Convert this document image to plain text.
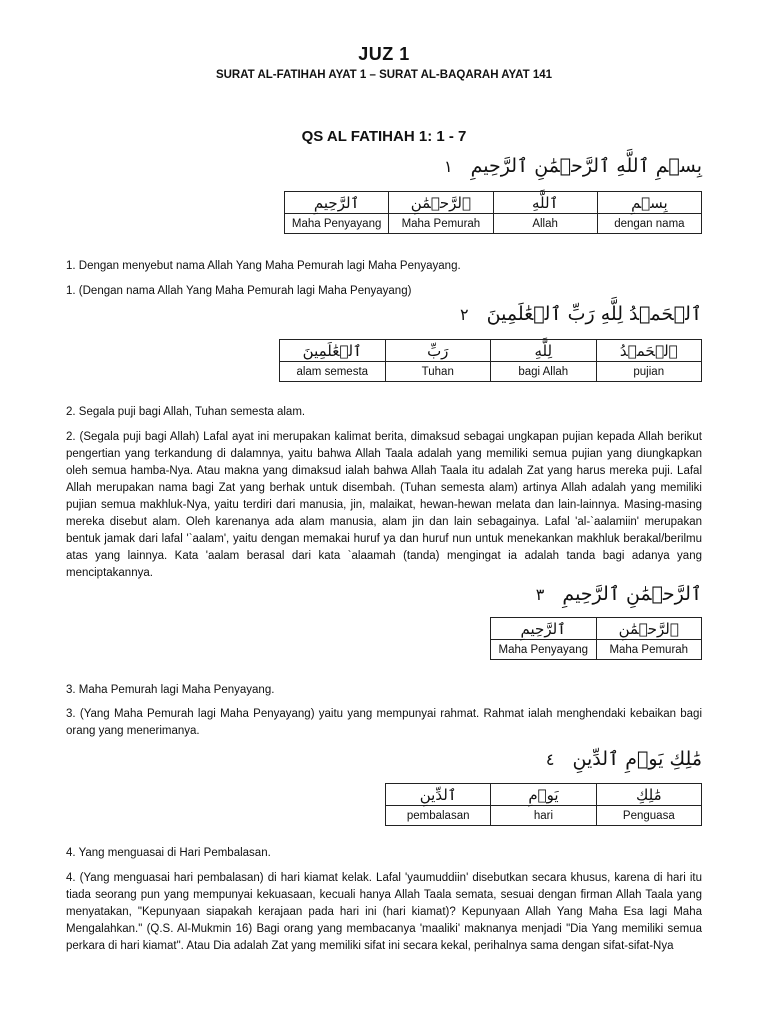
JUZ 1
SURAT AL-FATIHAH AYAT 1 – SURAT AL-BAQARAH AYAT 141
QS AL FATIHAH 1: 1 - 7
بِسۡمِ ٱللَّهِ ٱلرَّحۡمَٰنِ ٱلرَّحِيمِ ١
ٱلرَّحِيمِ	ٱلرَّحۡمَٰنِ	ٱللَّهِ	بِسۡمِ
Maha Penyayang	Maha Pemurah	Allah	dengan nama
1. Dengan menyebut nama Allah Yang Maha Pemurah lagi Maha Penyayang.
1. (Dengan nama Allah Yang Maha Pemurah lagi Maha Penyayang)
ٱلۡحَمۡدُ لِلَّهِ رَبِّ ٱلۡعَٰلَمِينَ ٢
ٱلۡعَٰلَمِينَ	رَبِّ	لِلَّهِ	ٱلۡحَمۡدُ
alam semesta	Tuhan	bagi Allah	pujian
2. Segala puji bagi Allah, Tuhan semesta alam.
2. (Segala puji bagi Allah) Lafal ayat ini merupakan kalimat berita, dimaksud sebagai ungkapan pujian kepada Allah berikut pengertian yang terkandung di dalamnya, yaitu bahwa Allah Taala adalah yang memiliki semua pujian yang diungkapkan oleh semua hamba-Nya. Atau makna yang dimaksud ialah bahwa Allah Taala itu adalah Zat yang harus mereka puji. Lafal Allah merupakan nama bagi Zat yang berhak untuk disembah. (Tuhan semesta alam) artinya Allah adalah yang memiliki pujian semua makhluk-Nya, yaitu terdiri dari manusia, jin, malaikat, hewan-hewan melata dan lain-lainnya. Masing-masing mereka disebut alam. Oleh karenanya ada alam manusia, alam jin dan lain sebagainya. Lafal 'al-`aalamiin' merupakan bentuk jamak dari lafal '`aalam', yaitu dengan memakai huruf ya dan huruf nun untuk menekankan makhluk berakal/berilmu atas yang lainnya. Kata 'aalam berasal dari kata `alaamah (tanda) mengingat ia adalah tanda bagi adanya yang menciptakannya.
ٱلرَّحۡمَٰنِ ٱلرَّحِيمِ ٣
ٱلرَّحِيمِ	ٱلرَّحۡمَٰنِ
Maha Penyayang	Maha Pemurah
3. Maha Pemurah lagi Maha Penyayang.
3. (Yang Maha Pemurah lagi Maha Penyayang) yaitu yang mempunyai rahmat. Rahmat ialah menghendaki kebaikan bagi orang yang menerimanya.
مَٰلِكِ يَوۡمِ ٱلدِّينِ ٤
ٱلدِّينِ	يَوۡمِ	مَٰلِكِ
pembalasan	hari	Penguasa
4. Yang menguasai di Hari Pembalasan.
4. (Yang menguasai hari pembalasan) di hari kiamat kelak. Lafal 'yaumuddiin' disebutkan secara khusus, karena di hari itu tiada seorang pun yang mempunyai kekuasaan, kecuali hanya Allah Taala semata, sesuai dengan firman Allah Taala yang menyatakan, "Kepunyaan siapakah kerajaan pada hari ini (hari kiamat)? Kepunyaan Allah Yang Maha Esa lagi Maha Mengalahkan." (Q.S. Al-Mukmin 16) Bagi orang yang membacanya 'maaliki' maknanya menjadi "Dia Yang memiliki semua perkara di hari kiamat". Atau Dia adalah Zat yang memiliki sifat ini secara kekal, perihalnya sama dengan sifat-sifat-Nya
